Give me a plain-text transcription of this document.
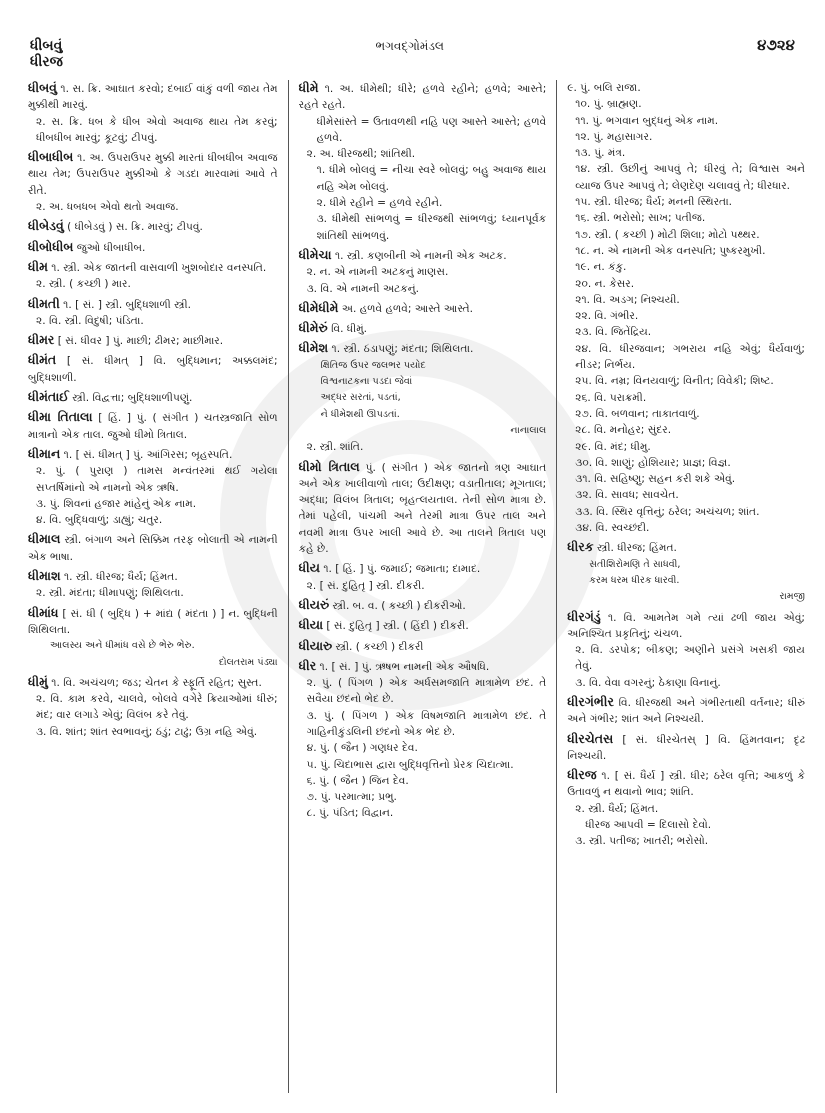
ધીબવું	ભગવદ્ગોમંડલ	૪૭૨૪
ધીરજ
ધીબવું ૧. સ. ક્રિ. આઘાત કરવો; દબાઈ વાંકું વળી જાય તેમ મુક્કીથી મારવું.
૨. સ. ક્રિ. ધબ કે ધીબ એવો અવાજ થાય તેમ કરવું; ધીબધીબ મારવું; કૂટવું; ટીપવું.
ધીબાધીબ ૧. અ. ઉપરાઉપર મુક્કી મારતાં ધીબધીબ અવાજ થાય તેમ; ઉપરાઉપર મુક્કીઓ કે ગડદા મારવામાં આવે તે રીતે.
૨. અ. ધબધબ એવો થતો અવાજ.
ધીબેડવું ( ધીબેડવું ) સ. ક્રિ. મારવું; ટીપવું.
ધીબોધીબ જુઓ ધીબાધીબ.
ધીમ ૧. સ્ત્રી. એક જાતની વાસવાળી ખુશબોદાર વનસ્પતિ.
૨. સ્ત્રી. ( કચ્છી ) માર.
ધીમતી ૧. [ સં. ] સ્ત્રી. બુદ્ધિશાળી સ્ત્રી.
૨. વિ. સ્ત્રી. વિદુષી; પંડિતા.
ધીમર [ સં. ધીવર ] પું. માછી; ઢીમર; માછીમાર.
ધીમંત [ સં. ધીમત્ ] વિ. બુદ્ધિમાન; અક્કલમંદ; બુદ્ધિશાળી.
ધીમંતાઈ સ્ત્રી. વિદ્વત્તા; બુદ્ધિશાળીપણું.
ધીમા તિતાલા [ હિં. ] પું. ( સંગીત ) ચતસ્ત્રજાતિ સોળ માત્રાનો એક તાલ. જુઓ ધીમો ત્રિતાલ.
ધીમાન ૧. [ સં. ધીમત્ ] પું. આંગિરસ; બૃહસ્પતિ.
૨. પું. ( પુરાણ ) તામસ મન્વંતરમાં થઈ ગયેલા સપ્તર્ષિમાંનો એ નામનો એક ઋષિ.
૩. પું. શિવનાં હજાર માંહેનું એક નામ.
૪. વિ. બુદ્ધિવાળું; ડાહ્યું; ચતુર.
ધીમાલ સ્ત્રી. બંગાળ અને સિક્કિમ તરફ બોલાતી એ નામની એક ભાષા.
ધીમાશ ૧. સ્ત્રી. ધીરજ; ધૈર્ય; હિંમત.
૨. સ્ત્રી. મંદતા; ધીમાપણું; શિથિલતા.
ધીમાંધ [ સં. ધી ( બુદ્ધિ ) + માંદ્ય ( મંદતા ) ] ન. બુદ્ધિની શિથિલતા.
આલસ્ય અને ધીમાંધ વસે છે ભેરુ ભેરુ.
દોલતરામ પંડ્યા
ધીમું ૧. વિ. અચંચળ; જડ; ચેતન કે સ્ફૂર્તિ રહિત; સુસ્ત.
૨. વિ. કામ કરવે, ચાલવે, બોલવે વગેરે ક્રિયાઓમાં ધીરું; મંદ; વાર લગાડે એવું; વિલંબ કરે તેવું.
૩. વિ. શાંત; શાંત સ્વભાવનું; ઠંડું; ટાઢું; ઉગ્ર નહિ એવું.
ધીમે ૧. અ. ધીમેથી; ધીરે; હળવે રહીને; હળવે; આસ્તે; રહતે રહતે.
ધીમેસાંસ્તે = ઉતાવળથી નહિ પણ આસ્તે આસ્તે; હળવે હળવે.
૨. અ. ધીરજથી; શાંતિથી.
૧. ધીમે બોલવું = નીચા સ્વરે બોલવું; બહુ અવાજ થાય નહિ એમ બોલવું.
૨. ધીમે રહીને = હળવે રહીને.
૩. ધીમેથી સાંભળવું = ધીરજથી સાંભળવું; ધ્યાનપૂર્વક શાંતિથી સાંભળવું.
ધીમેચા ૧. સ્ત્રી. કણબીની એ નામની એક અટક.
૨. ન. એ નામની અટકનું માણસ.
૩. વિ. એ નામની અટકનું.
ધીમેધીમે અ. હળવે હળવે; આસ્તે આસ્તે.
ધીમેરું વિ. ધીમું.
ધીમેશ ૧. સ્ત્રી. ઠંડાપણું; મંદતા; શિથિલતા.
ક્ષિતિજ ઉપર જલભર પયોદ
વિશ્વનાટકના પડદા જેવાં
અદ્ધર સરતાં, પડતાં,
ને ધીમેશથી ઊપડતાં.
નાનાલાલ
૨. સ્ત્રી. શાંતિ.
ધીમો ત્રિતાલ પું. ( સંગીત ) એક જાતનો ત્રણ આઘાત અને એક ખાલીવાળો તાલ; ઉદીક્ષણ; વડાતીતાલ; મૂગતાલ; અદ્ધા; વિલંબ ત્રિતાલ; બૃહત્લયતાલ. તેની સોળ માત્રા છે. તેમાં પહેલી, પાંચમી અને તેરમી માત્રા ઉપર તાલ અને નવમી માત્રા ઉપર ખાલી આવે છે. આ તાલને ત્રિતાલ પણ કહે છે.
ધીય ૧. [ હિં. ] પું. જમાઈ; જમાતા; દામાદ.
૨. [ સં. દુહિતૃ ] સ્ત્રી. દીકરી.
ધીયરું સ્ત્રી. બ. વ. ( કચ્છી ) દીકરીઓ.
ધીયા [ સં. દુહિતૃ ] સ્ત્રી. ( હિંદી ) દીકરી.
ધીયારુ સ્ત્રી. ( કચ્છી ) દીકરી
ધીર ૧. [ સં. ] પું. ઋષભ નામની એક ઔષધિ.
૨. પું. ( પિંગળ ) એક અર્ધસમજાતિ માત્રામેળ છંદ. તે સવૈયા છંદનો ભેદ છે.
૩. પું. ( પિંગળ ) એક વિષમજાતિ માત્રામેળ છંદ. તે ગાહિનીકુંડલિની છંદનો એક ભેદ છે.
૪. પું. ( જૈન ) ગણધર દેવ.
૫. પું. ચિદાભાસ દ્વારા બુદ્ધિવૃત્તિનો પ્રેરક ચિદાત્મા.
૬. પું. ( જૈન ) જિન દેવ.
૭. પું. પરમાત્મા; પ્રભુ.
૮. પું. પંડિત; વિદ્વાન.
૯. પું. બલિ રાજા.
૧૦. પું. બ્રાહ્મણ.
૧૧. પું. ભગવાન બુદ્ધનું એક નામ.
૧૨. પું. મહાસાગર.
૧૩. પું. મંત્ર.
૧૪. સ્ત્રી. ઉછીનું આપવું તે; ધીરવું તે; વિશ્વાસ અને વ્યાજ ઉપર આપવું તે; લેણદેણ ચલાવવું તે; ધીરધાર.
૧૫. સ્ત્રી. ધીરજ; ધૈર્ય; મનની સ્થિરતા.
૧૬. સ્ત્રી. ભરોસો; સાખ; પતીજ.
૧૭. સ્ત્રી. ( કચ્છી ) મોટી શિલા; મોટો પથ્થર.
૧૮. ન. એ નામની એક વનસ્પતિ; પુષ્કરમુખી.
૧૯. ન. કંકુ.
૨૦. ન. કેસર.
૨૧. વિ. અડગ; નિશ્ચયી.
૨૨. વિ. ગંભીર.
૨૩. વિ. જિતેંદ્રિય.
૨૪. વિ. ધીરજવાન; ગભરાય નહિ એવું; ધૈર્યવાળું; નીડર; નિર્ભય.
૨૫. વિ. નમ્ર; વિનયવાળું; વિનીત; વિવેકી; શિષ્ટ.
૨૬. વિ. પરાક્રમી.
૨૭. વિ. બળવાન; તાકાતવાળું.
૨૮. વિ. મનોહર; સુંદર.
૨૯. વિ. મંદ; ધીમુ.
૩૦. વિ. શાણું; હોશિયાર; પ્રાજ્ઞ; વિજ્ઞ.
૩૧. વિ. સહિષ્ણુ; સહન કરી શકે એવું.
૩૨. વિ. સાવધ; સાવચેત.
૩૩. વિ. સ્થિર વૃત્તિનું; ઠરેલ; અચંચળ; શાંત.
૩૪. વિ. સ્વચ્છંદી.
ધીરક સ્ત્રી. ધીરજ; હિંમત.
સતીશિરોમણિ તે સાધવી,
કરમ ધરમ ધીરક ધારવી.
રામજી
ધીરગંડું ૧. વિ. આમતેમ ગમે ત્યાં ઢળી જાય એવું; અનિશ્ચિત પ્રકૃતિનું; ચંચળ.
૨. વિ. ડરપોક; બીકણ; અણીને પ્રસંગે ખસકી જાય તેવું.
૩. વિ. વેવા વગરનું; ઠેકાણા વિનાનું.
ધીરગંભીર વિ. ધીરજથી અને ગંભીરતાથી વર્તનાર; ધીરું અને ગંભીર; શાંત અને નિશ્ચયી.
ધીરચેતસ [ સં. ધીરચેતસ્ ] વિ. હિંમતવાન; દૃઢ નિશ્ચયી.
ધીરજ ૧. [ સં. ધૈર્ય ] સ્ત્રી. ધીર; ઠરેલ વૃત્તિ; આકળું કે ઉતાવળું ન થવાનો ભાવ; શાંતિ.
૨. સ્ત્રી. ધૈર્ય; હિંમત.
ધીરજ આપવી = દિલાસો દેવો.
૩. સ્ત્રી. પતીજ; ખાતરી; ભરોસો.
